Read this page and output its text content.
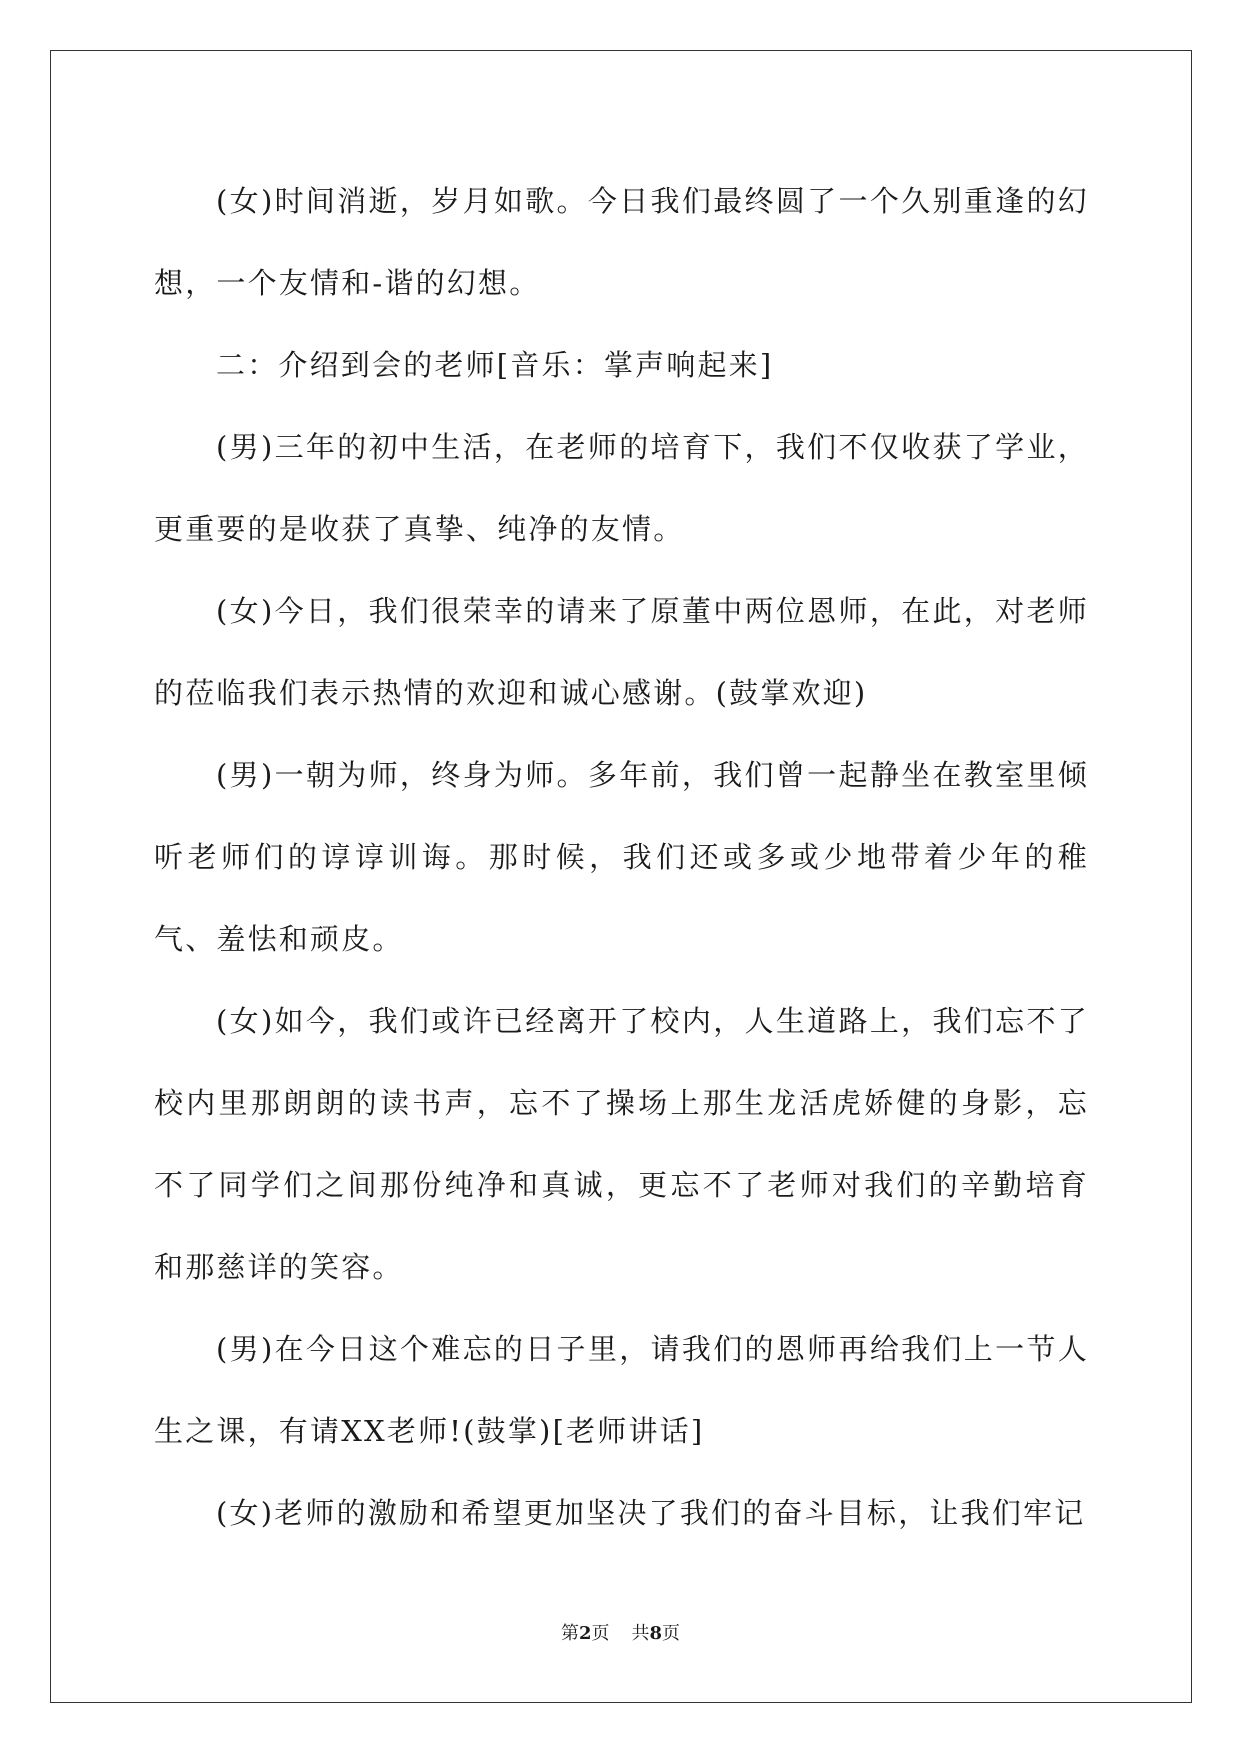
(女)时间消逝，岁月如歌。今日我们最终圆了一个久别重逢的幻想，一个友情和-谐的幻想。

二：介绍到会的老师[音乐：掌声响起来]

(男)三年的初中生活，在老师的培育下，我们不仅收获了学业，更重要的是收获了真挚、纯净的友情。

(女)今日，我们很荣幸的请来了原董中两位恩师，在此，对老师的莅临我们表示热情的欢迎和诚心感谢。(鼓掌欢迎)

(男)一朝为师，终身为师。多年前，我们曾一起静坐在教室里倾听老师们的谆谆训诲。那时候，我们还或多或少地带着少年的稚气、羞怯和顽皮。

(女)如今，我们或许已经离开了校内，人生道路上，我们忘不了校内里那朗朗的读书声，忘不了操场上那生龙活虎娇健的身影，忘不了同学们之间那份纯净和真诚，更忘不了老师对我们的辛勤培育和那慈详的笑容。

(男)在今日这个难忘的日子里，请我们的恩师再给我们上一节人生之课，有请XX老师!(鼓掌)[老师讲话]

(女)老师的激励和希望更加坚决了我们的奋斗目标，让我们牢记

第2页 共8页
